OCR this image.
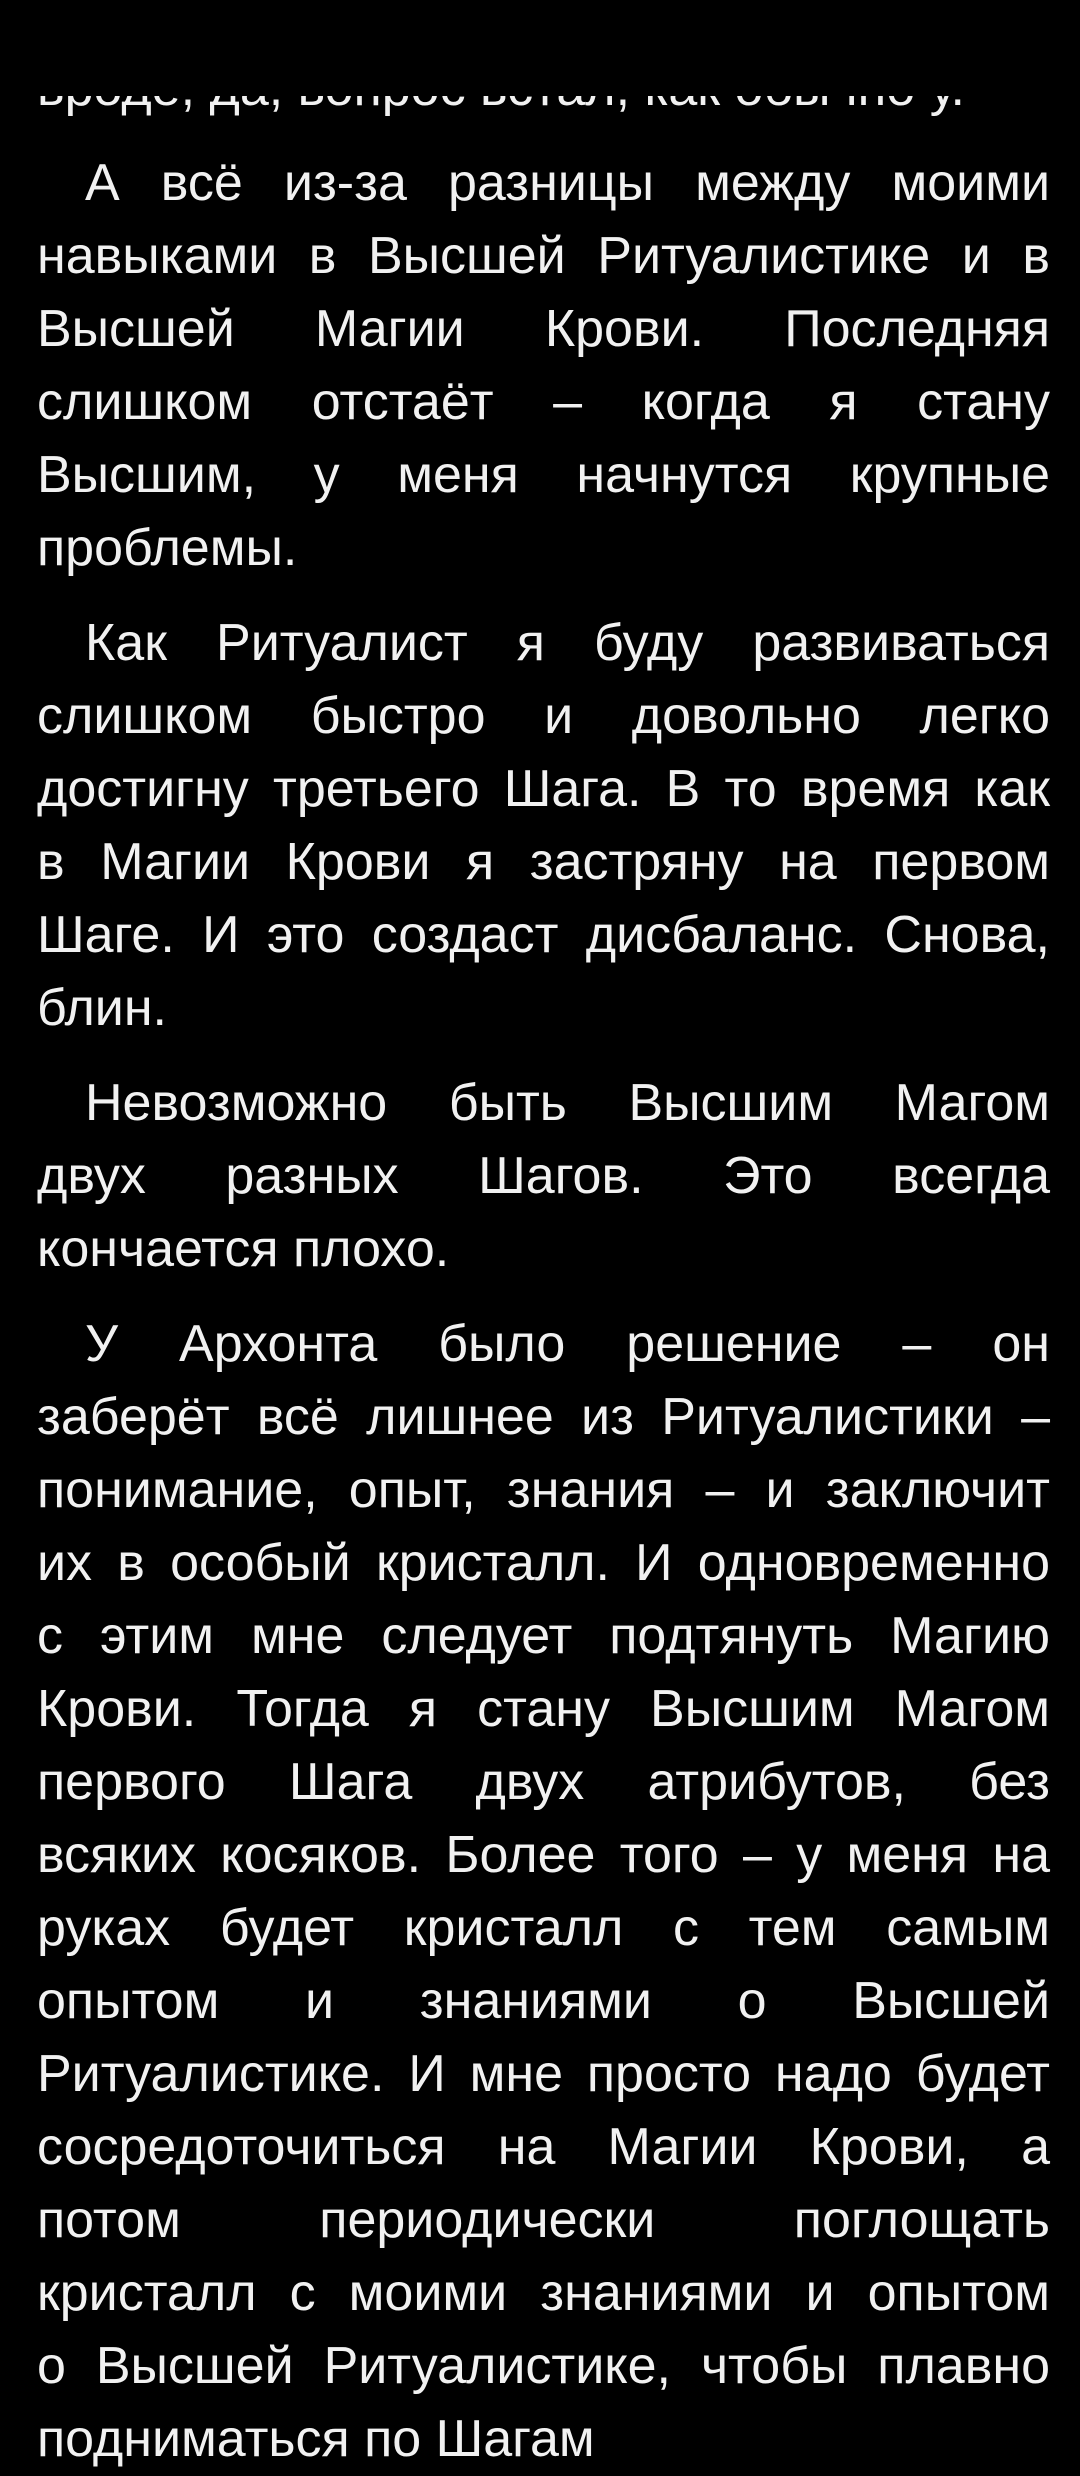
А всё из-за разницы между моими
навыками в Высшей Ритуалистике и в
Высшей Магии Крови. Последняя
слишком отстаёт – когда я стану
Высшим, у меня начнутся крупные
проблемы.
Как Ритуалист я буду развиваться
слишком быстро и довольно легко
достигну третьего Шага. В то время как
в Магии Крови я застряну на первом
Шаге. И это создаст дисбаланс. Снова,
блин.
Невозможно быть Высшим Магом
двух разных Шагов. Это всегда
кончается плохо.
У Архонта было решение – он
заберёт всё лишнее из Ритуалистики –
понимание, опыт, знания – и заключит
их в особый кристалл. И одновременно
с этим мне следует подтянуть Магию
Крови. Тогда я стану Высшим Магом
первого Шага двух атрибутов, без
всяких косяков. Более того – у меня на
руках будет кристалл с тем самым
опытом и знаниями о Высшей
Ритуалистике. И мне просто надо будет
сосредоточиться на Магии Крови, а
потом периодически поглощать
кристалл с моими знаниями и опытом
о Высшей Ритуалистике, чтобы плавно
подниматься по Шагам
